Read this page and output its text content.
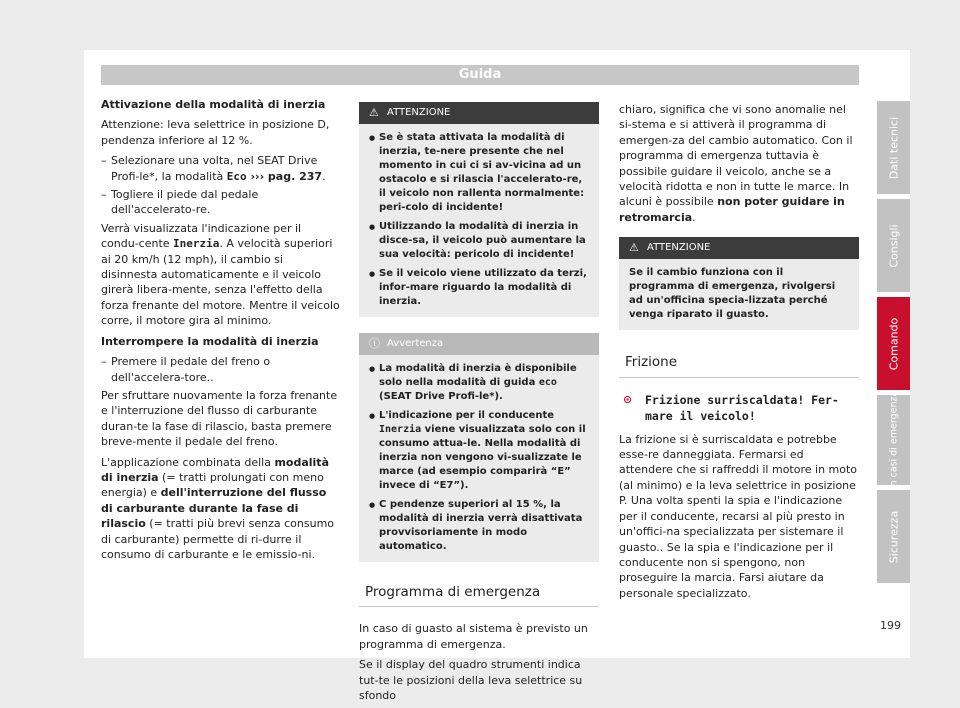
Guida

Attivazione della modalità di inerzia

Attenzione: leva selettrice in posizione D, pendenza inferiore al 12 %.

– Selezionare una volta, nel SEAT Drive Profi-le*, la modalità Eco ››› pag. 237.
– Togliere il piede dal pedale dell'accelerato-re.

Verrà visualizzata l'indicazione per il condu-cente Inerzia. A velocità superiori ai 20 km/h (12 mph), il cambio si disinnesta automaticamente e il veicolo girerà libera-mente, senza l'effetto della forza frenante del motore. Mentre il veicolo corre, il motore gira al minimo.

Interrompere la modalità di inerzia

– Premere il pedale del freno o dell'accelera-tore..

Per sfruttare nuovamente la forza frenante e l'interruzione del flusso di carburante duran-te la fase di rilascio, basta premere breve-mente il pedale del freno.

L'applicazione combinata della modalità di inerzia (= tratti prolungati con meno energia) e dell'interruzione del flusso di carburante durante la fase di rilascio (= tratti più brevi senza consumo di carburante) permette di ri-durre il consumo di carburante e le emissio-ni.

⚠ ATTENZIONE
● Se è stata attivata la modalità di inerzia, te-nere presente che nel momento in cui ci si av-vicina ad un ostacolo e si rilascia l'accelerato-re, il veicolo non rallenta normalmente: peri-colo di incidente!
● Utilizzando la modalità di inerzia in disce-sa, il veicolo può aumentare la sua velocità: pericolo di incidente!
● Se il veicolo viene utilizzato da terzi, infor-mare riguardo la modalità di inerzia.
ⓘ Avvertenza
● La modalità di inerzia è disponibile solo nella modalità di guida eco (SEAT Drive Profi-le*).
● L'indicazione per il conducente Inerzia viene visualizzata solo con il consumo attua-le. Nella modalità di inerzia non vengono vi-sualizzate le marce (ad esempio comparirà “E” invece di “E7”).
● C pendenze superiori al 15 %, la modalità di inerzia verrà disattivata provvisoriamente in modo automatico.
Programma di emergenza

In caso di guasto al sistema è previsto un programma di emergenza.

Se il display del quadro strumenti indica tut-te le posizioni della leva selettrice su sfondo

chiaro, significa che vi sono anomalie nel si-stema e si attiverà il programma di emergen-za del cambio automatico. Con il programma di emergenza tuttavia è possibile guidare il veicolo, anche se a velocità ridotta e non in tutte le marce. In alcuni è possibile non poter guidare in retromarcia.

⚠ ATTENZIONE

Se il cambio funziona con il programma di emergenza, rivolgersi ad un'officina specia-lizzata perché venga riparato il guasto.

Frizione
⊙ Frizione surriscaldata! Fer-mare il veicolo!

La frizione si è surriscaldata e potrebbe esse-re danneggiata. Fermarsi ed attendere che si raffreddi il motore in moto (al minimo) e la leva selettrice in posizione P. Una volta spenti la spia e l'indicazione per il conducente, recarsi al più presto in un'offici-na specializzata per sistemare il guasto.. Se la spia e l'indicazione per il conducente non si spengono, non proseguire la marcia. Farsi aiutare da personale specializzato.

Dati tecnici
Consigli
Comando
In casi di emergenza
Sicurezza
199
